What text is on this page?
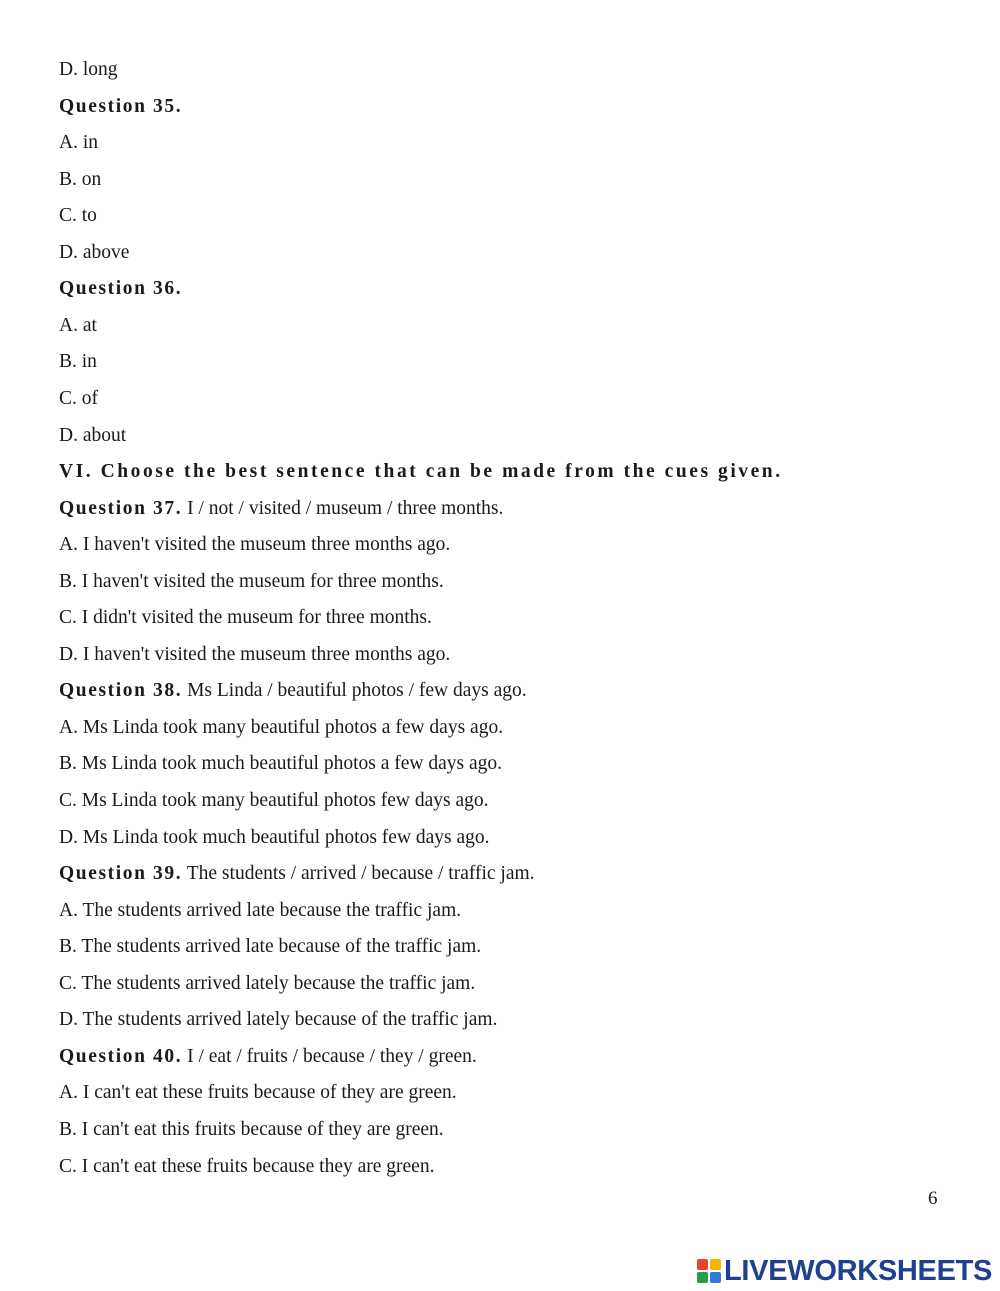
D. long
Question 35.
A. in
B. on
C. to
D. above
Question 36.
A. at
B. in
C. of
D. about
VI. Choose the best sentence that can be made from the cues given.
Question 37. I / not / visited / museum / three months.
A. I haven't visited the museum three months ago.
B. I haven't visited the museum for three months.
C. I didn't visited the museum for three months.
D. I haven't visited the museum three months ago.
Question 38. Ms Linda / beautiful photos / few days ago.
A. Ms Linda took many beautiful photos a few days ago.
B. Ms Linda took much beautiful photos a few days ago.
C. Ms Linda took many beautiful photos few days ago.
D. Ms Linda took much beautiful photos few days ago.
Question 39. The students / arrived / because / traffic jam.
A. The students arrived late because the traffic jam.
B. The students arrived late because of the traffic jam.
C. The students arrived lately because the traffic jam.
D. The students arrived lately because of the traffic jam.
Question 40. I / eat / fruits / because / they / green.
A. I can't eat these fruits because of they are green.
B. I can't eat this fruits because of they are green.
C. I can't eat these fruits because they are green.
6
LIVEWORKSHEETS
